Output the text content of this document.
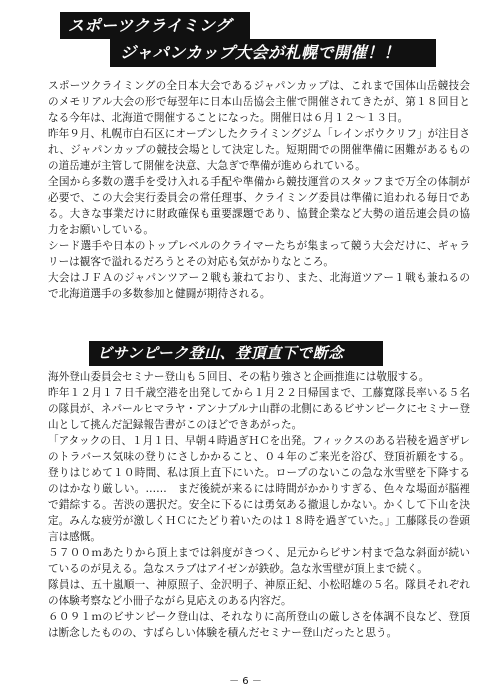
スポーツクライミング
ジャパンカップ大会が札幌で開催！！

スポーツクライミングの全日本大会であるジャパンカップは、これまで国体山岳競技会のメモリアル大会の形で毎翌年に日本山岳協会主催で開催されてきたが、第１８回目となる今年は、北海道で開催することになった。開催日は６月１２～１３日。

昨年９月、札幌市白石区にオープンしたクライミングジム「レインボウクリフ」が注目され、ジャパンカップの競技会場として決定した。短期間での開催準備に困難があるものの道岳連が主管して開催を決意、大急ぎで準備が進められている。

全国から多数の選手を受け入れる手配や準備から競技運営のスタッフまで万全の体制が必要で、この大会実行委員会の常任理事、クライミング委員は準備に追われる毎日である。大きな事業だけに財政確保も重要課題であり、協賛企業など大勢の道岳連会員の協力をお願いしている。

シード選手や日本のトップレベルのクライマーたちが集まって競う大会だけに、ギャラリーは観客で溢れるだろうとその対応も気がかりなところ。

大会はＪＦＡのジャパンツアー２戦も兼ねており、また、北海道ツアー１戦も兼ねるので北海道選手の多数参加と健闘が期待される。

ビサンピーク登山、登頂直下で断念

海外登山委員会セミナー登山も５回目、その粘り強さと企画推進には敬服する。

昨年１２月１７日千歳空港を出発してから１月２２日帰国まで、工藤寛隊長率いる５名の隊員が、ネパールヒマラヤ・アンナプルナ山群の北側にあるビサンピークにセミナー登山として挑んだ記録報告書がこのほどできあがった。

「アタックの日、１月１日、早朝４時過ぎＨＣを出発。フィックスのある岩稜を過ぎザレのトラバース気味の登りにさしかかること、０４年のご来光を浴び、登頂祈願をする。登りはじめて１０時間、私は頂上直下にいた。ロープのないこの急な氷雪壁を下降するのはかなり厳しい。……　まだ後続が来るには時間がかかりすぎる、色々な場面が脳裡で錯綜する。苦渋の選択だ。安全に下るには勇気ある撤退しかない。かくして下山を決定。みんな疲労が激しくＨＣにたどり着いたのは１８時を過ぎていた。」工藤隊長の巻頭言は感慨。

５７００ｍあたりから頂上までは斜度がきつく、足元からビサン村まで急な斜面が続いているのが見える。急なスラブはアイゼンが鉄砂。急な氷雪壁が頂上まで続く。

隊員は、五十嵐順一、神原照子、金沢明子、神原正紀、小松昭雄の５名。隊員それぞれの体験考察など小冊子ながら見応えのある内容だ。

６０９１ｍのビサンピーク登山は、それなりに高所登山の厳しさを体調不良など、登頂は断念したものの、すばらしい体験を積んだセミナー登山だったと思う。

－ 6 －
